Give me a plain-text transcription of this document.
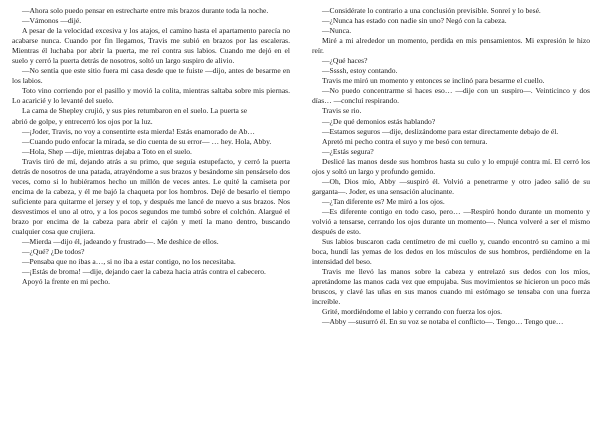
—Ahora solo puedo pensar en estrecharte entre mis brazos durante toda la noche.

—Vámonos —dijé.

A pesar de la velocidad excesiva y los atajos, el camino hasta el apartamento parecía no acabarse nunca. Cuando por fin llegamos, Travis me subió en brazos por las escaleras. Mientras él luchaba por abrir la puerta, me reí contra sus labios. Cuando me dejó en el suelo y cerró la puerta detrás de nosotros, soltó un largo suspiro de alivio.

—No sentía que este sitio fuera mi casa desde que te fuiste —dijo, antes de besarme en los labios.

Toto vino corriendo por el pasillo y movió la colita, mientras saltaba sobre mis piernas. Lo acaricié y lo levanté del suelo.

La cama de Shepley crujió, y sus pies retumbaron en el suelo. La puerta se

abrió de golpe, y entrecerró los ojos por la luz.

—¡Joder, Travis, no voy a consentirte esta mierda! Estás enamorado de Ab…

—Cuando pudo enfocar la mirada, se dio cuenta de su error— … hey. Hola, Abby.

—Hola, Shep —dije, mientras dejaba a Toto en el suelo.

Travis tiró de mí, dejando atrás a su primo, que seguía estupefacto, y cerró la puerta detrás de nosotros de una patada, atrayéndome a sus brazos y besándome sin pensárselo dos veces, como si lo hubiéramos hecho un millón de veces antes. Le quité la camiseta por encima de la cabeza, y él me bajó la chaqueta por los hombros. Dejé de besarlo el tiempo suficiente para quitarme el jersey y el top, y después me lancé de nuevo a sus brazos. Nos desvestimos el uno al otro, y a los pocos segundos me tumbó sobre el colchón. Alargué el brazo por encima de la cabeza para abrir el cajón y metí la mano dentro, buscando cualquier cosa que crujiera.

—Mierda —dijo él, jadeando y frustrado—. Me deshice de ellos.

—¿Qué? ¿De todos?

—Pensaba que no ibas a…, si no iba a estar contigo, no los necesitaba.

—¡Estás de broma! —dije, dejando caer la cabeza hacia atrás contra el cabecero.

Apoyó la frente en mi pecho.

—Considérate lo contrario a una conclusión previsible. Sonreí y lo besé.

—¿Nunca has estado con nadie sin uno? Negó con la cabeza.

—Nunca.

Miré a mi alrededor un momento, perdida en mis pensamientos. Mi expresión le hizo reír.

—¿Qué haces?

—Ssssh, estoy contando.

Travis me miró un momento y entonces se inclinó para besarme el cuello.

—No puedo concentrarme si haces eso… —dije con un suspiro—. Veinticinco y dos días… —concluí respirando.

Travis se rio.

—¿De qué demonios estás hablando?

—Estamos seguros —dije, deslizándome para estar directamente debajo de él.

Apretó mi pecho contra el suyo y me besó con ternura.

—¿Estás segura?

Deslicé las manos desde sus hombros hasta su culo y lo empujé contra mí. El cerró los ojos y soltó un largo y profundo gemido.

—Oh, Dios mío, Abby —suspiró él. Volvió a penetrarme y otro jadeo salió de su garganta—. Joder, es una sensación alucinante.

—¿Tan diferente es? Me miró a los ojos.

—Es diferente contigo en todo caso, pero… —Respiró hondo durante un momento y volvió a tensarse, cerrando los ojos durante un momento—. Nunca volveré a ser el mismo después de esto.

Sus labios buscaron cada centímetro de mi cuello y, cuando encontró su camino a mi boca, hundí las yemas de los dedos en los músculos de sus hombros, perdiéndome en la intensidad del beso.

Travis me llevó las manos sobre la cabeza y entrelazó sus dedos con los míos, apretándome las manos cada vez que empujaba. Sus movimientos se hicieron un poco más bruscos, y clavé las uñas en sus manos cuando mi estómago se tensaba con una fuerza increíble.

Grité, mordiéndome el labio y cerrando con fuerza los ojos.

—Abby —susurró él. En su voz se notaba el conflicto—. Tengo… Tengo que…
